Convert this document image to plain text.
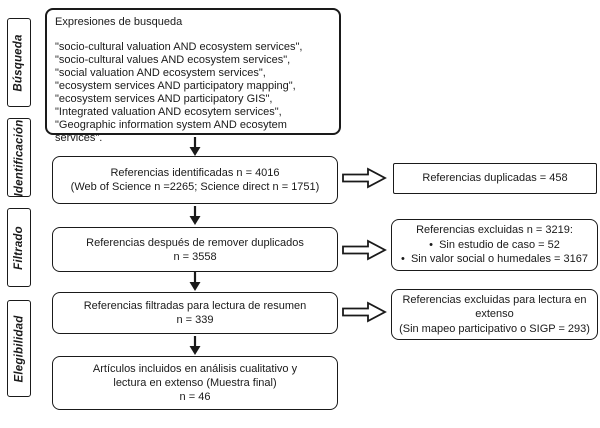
Búsqueda
Identificación
Filtrado
Elegibilidad
Expresiones de busqueda
"socio-cultural valuation AND ecosystem services",
"socio-cultural values AND ecosystem services",
"social valuation AND ecosystem services",
"ecosystem services AND participatory mapping",
"ecosystem services AND participatory GIS",
"Integrated valuation AND ecosytem services",
"Geographic information system AND ecosytem services".
Referencias identificadas n = 4016
(Web of Science n =2265; Science direct n = 1751)
Referencias después de remover duplicados
n = 3558
Referencias filtradas para lectura de resumen
n = 339
Artículos incluidos en análisis cualitativo y
lectura en extenso (Muestra final)
n = 46
Referencias duplicadas = 458
Referencias excluidas n = 3219:
•  Sin estudio de caso = 52
•  Sin valor social o humedales = 3167
Referencias excluidas para lectura en extenso
(Sin mapeo participativo o SIGP = 293)
